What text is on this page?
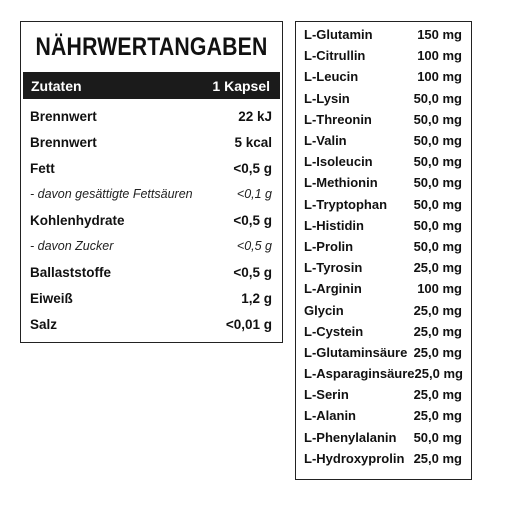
NÄHRWERTANGABEN
Zutaten	1 Kapsel
Brennwert	22 kJ
Brennwert	5 kcal
Fett	<0,5 g
- davon gesättigte Fettsäuren	<0,1 g
Kohlenhydrate	<0,5 g
- davon Zucker	<0,5 g
Ballaststoffe	<0,5 g
Eiweiß	1,2 g
Salz	<0,01 g
L-Glutamin	150 mg
L-Citrullin	100 mg
L-Leucin	100 mg
L-Lysin	50,0 mg
L-Threonin	50,0 mg
L-Valin	50,0 mg
L-Isoleucin	50,0 mg
L-Methionin	50,0 mg
L-Tryptophan 50,0 mg
L-Histidin	50,0 mg
L-Prolin	50,0 mg
L-Tyrosin	25,0 mg
L-Arginin	100 mg
Glycin	25,0 mg
L-Cystein	25,0 mg
L-Glutaminsäure 25,0 mg
L-Asparaginsäure 25,0 mg
L-Serin	25,0 mg
L-Alanin	25,0 mg
L-Phenylalanin 50,0 mg
L-Hydroxyprolin 25,0 mg
